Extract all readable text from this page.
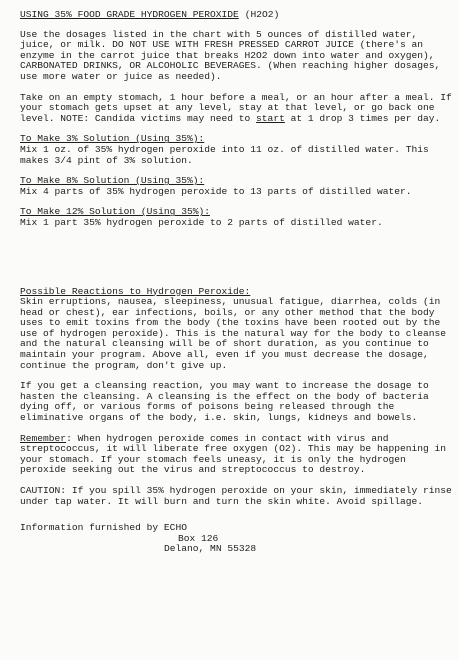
USING 35% FOOD GRADE HYDROGEN PEROXIDE (H2O2)

Use the dosages listed in the chart with 5 ounces of distilled water, juice, or milk. DO NOT USE WITH FRESH PRESSED CARROT JUICE (there's an enzyme in the carrot juice that breaks H2O2 down into water and oxygen), CARBONATED DRINKS, OR ALCOHOLIC BEVERAGES. (When reaching higher dosages, use more water or juice as needed).

Take on an empty stomach, 1 hour before a meal, or an hour after a meal. If your stomach gets upset at any level, stay at that level, or go back one level. NOTE: Candida victims may need to start at 1 drop 3 times per day.

To Make 3% Solution (Using 35%):
Mix 1 oz. of 35% hydrogen peroxide into 11 oz. of distilled water. This makes 3/4 pint of 3% solution.
To Make 8% Solution (Using 35%):
Mix 4 parts of 35% hydrogen peroxide to 13 parts of distilled water.
To Make 12% Solution (Using 35%):
Mix 1 part 35% hydrogen peroxide to 2 parts of distilled water.
Possible Reactions to Hydrogen Peroxide:
Skin erruptions, nausea, sleepiness, unusual fatigue, diarrhea, colds (in head or chest), ear infections, boils, or any other method that the body uses to emit toxins from the body (the toxins have been rooted out by the use of hydrogen peroxide). This is the natural way for the body to cleanse and the natural cleansing will be of short duration, as you continue to maintain your program. Above all, even if you must decrease the dosage, continue the program, don't give up.

If you get a cleansing reaction, you may want to increase the dosage to hasten the cleansing. A cleansing is the effect on the body of bacteria dying off, or various forms of poisons being released through the eliminative organs of the body, i.e. skin, lungs, kidneys and bowels.

Remember: When hydrogen peroxide comes in contact with virus and streptococcus, it will liberate free oxygen (O2). This may be happening in your stomach. If your stomach feels uneasy, it is only the hydrogen peroxide seeking out the virus and streptococcus to destroy.

CAUTION: If you spill 35% hydrogen peroxide on your skin, immediately rinse under tap water. It will burn and turn the skin white. Avoid spillage.

Information furnished by ECHO
Box 126
Delano, MN 55328
